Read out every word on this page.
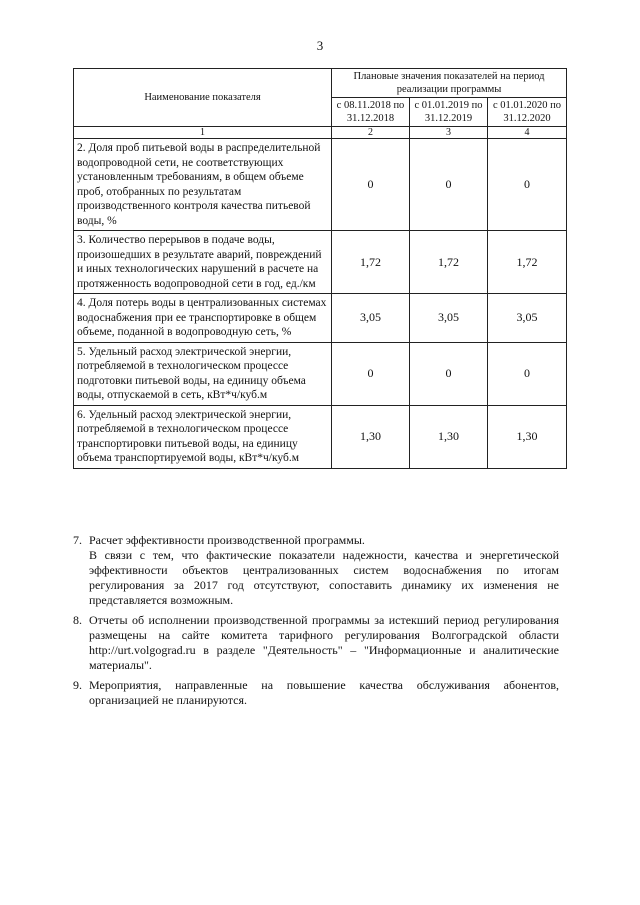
3
Наименование показателя	Плановые значения показателей на период реализации программы		
	с 08.11.2018 по 31.12.2018	с 01.01.2019 по 31.12.2019	с 01.01.2020 по 31.12.2020
1	2	3	4
2. Доля проб питьевой воды в распределительной водопроводной сети, не соответствующих установленным требованиям, в общем объеме проб, отобранных по результатам производственного контроля качества питьевой воды, %	0	0	0
3. Количество перерывов в подаче воды, произошедших в результате аварий, повреждений и иных технологических нарушений в расчете на протяженность водопроводной сети в год, ед./км	1,72	1,72	1,72
4. Доля потерь воды в централизованных системах водоснабжения при ее транспортировке в общем объеме, поданной в водопроводную сеть, %	3,05	3,05	3,05
5. Удельный расход электрической энергии, потребляемой в технологическом процессе подготовки питьевой воды, на единицу объема воды, отпускаемой в сеть, кВт*ч/куб.м	0	0	0
6. Удельный расход электрической энергии, потребляемой в технологическом процессе транспортировки питьевой воды, на единицу объема транспортируемой воды, кВт*ч/куб.м	1,30	1,30	1,30
7. Расчет эффективности производственной программы.

В связи с тем, что фактические показатели надежности, качества и энергетической эффективности объектов централизованных систем водоснабжения по итогам регулирования за 2017 год отсутствуют, сопоставить динамику их изменения не представляется возможным.

8. Отчеты об исполнении производственной программы за истекший период регулирования размещены на сайте комитета тарифного регулирования Волгоградской области http://urt.volgograd.ru в разделе "Деятельность" – "Информационные и аналитические материалы".

9. Мероприятия, направленные на повышение качества обслуживания абонентов, организацией не планируются.
